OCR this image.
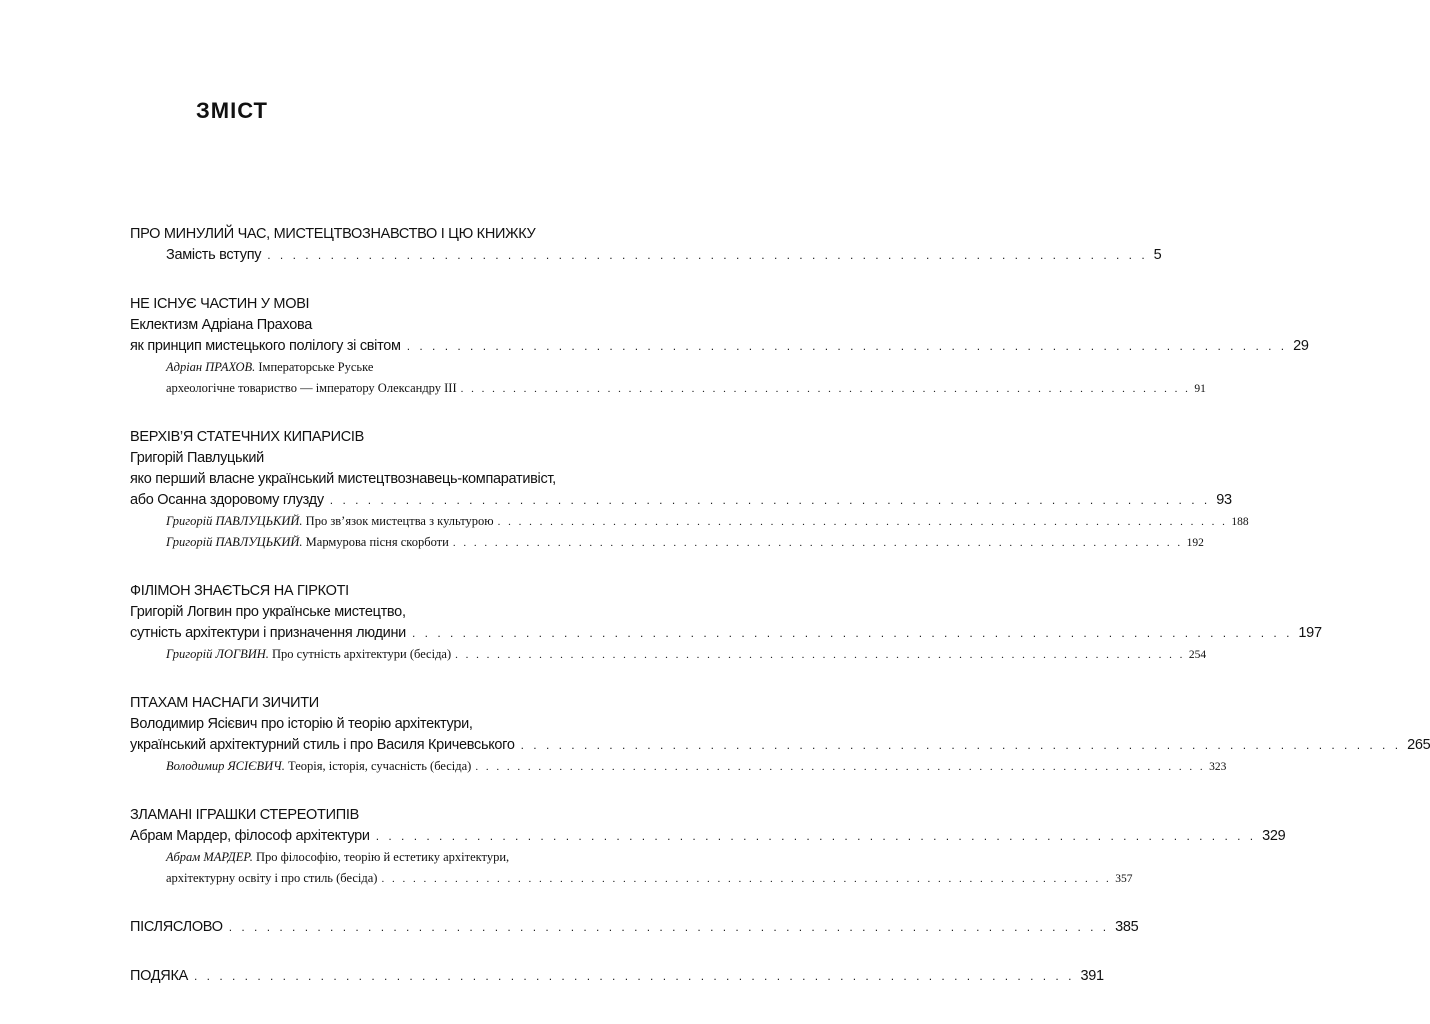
ЗМІСТ
ПРО МИНУЛИЙ ЧАС, МИСТЕЦТВОЗНАВСТВО І ЦЮ КНИЖКУ
Замість вступу . . . . . . . . . . . . . . . . . . . . . . . . . . . . . . . . . . . . . . . . . . . . . . . . . . . . . . . . . . . . . . . . . . . . . . 5
НЕ ІСНУЄ ЧАСТИН У МОВІ
Еклектизм Адріана Прахова
як принцип мистецького полілогу зі світом . . . . . . . . . . . . . . . . . . . . . . . . . . . . . . . . . . . . . . . . . . . . . . . . . . . . . . . . . . . . . . . . . . . . . . 29
Адріан ПРАХОВ. Імператорське Руське
археологічне товариство — імператору Олександру III . . . . . . . . . . . . . . . . . . . . . . . . . . . . . . . . . . . . . . . . . . . . . . . . . . . . . . . . . . . . . . . . . . . . . . 91
ВЕРХІВ’Я СТАТЕЧНИХ КИПАРИСІВ
Григорій Павлуцький
яко перший власне український мистецтвознавець-компаративіст,
або Осанна здоровому глузду . . . . . . . . . . . . . . . . . . . . . . . . . . . . . . . . . . . . . . . . . . . . . . . . . . . . . . . . . . . . . . . . . . . . . . 93
Григорій ПАВЛУЦЬКИЙ. Про зв’язок мистецтва з культурою . . . . . . . . . . . . . . . . . . . . . . . . . . . . . . . . . . . . . . . . . . . . . . . . . . . . . . . . . . . . . . . . . . . . . . 188
Григорій ПАВЛУЦЬКИЙ. Мармурова пісня скорботи . . . . . . . . . . . . . . . . . . . . . . . . . . . . . . . . . . . . . . . . . . . . . . . . . . . . . . . . . . . . . . . . . . . . . . 192
ФІЛІМОН ЗНАЄТЬСЯ НА ГІРКОТІ
Григорій Логвин про українське мистецтво,
сутність архітектури і призначення людини . . . . . . . . . . . . . . . . . . . . . . . . . . . . . . . . . . . . . . . . . . . . . . . . . . . . . . . . . . . . . . . . . . . . . . 197
Григорій ЛОГВИН. Про сутність архітектури (бесіда) . . . . . . . . . . . . . . . . . . . . . . . . . . . . . . . . . . . . . . . . . . . . . . . . . . . . . . . . . . . . . . . . . . . . . . 254
ПТАХАМ НАСНАГИ ЗИЧИТИ
Володимир Ясієвич про історію й теорію архітектури,
український архітектурний стиль і про Василя Кричевського . . . . . . . . . . . . . . . . . . . . . . . . . . . . . . . . . . . . . . . . . . . . . . . . . . . . . . . . . . . . . . . . . . . . . . 265
Володимир ЯСІЄВИЧ. Теорія, історія, сучасність (бесіда) . . . . . . . . . . . . . . . . . . . . . . . . . . . . . . . . . . . . . . . . . . . . . . . . . . . . . . . . . . . . . . . . . . . . . . 323
ЗЛАМАНІ ІГРАШКИ СТЕРЕОТИПІВ
Абрам Мардер, філософ архітектури . . . . . . . . . . . . . . . . . . . . . . . . . . . . . . . . . . . . . . . . . . . . . . . . . . . . . . . . . . . . . . . . . . . . . . 329
Абрам МАРДЕР. Про філософію, теорію й естетику архітектури,
архітектурну освіту і про стиль (бесіда) . . . . . . . . . . . . . . . . . . . . . . . . . . . . . . . . . . . . . . . . . . . . . . . . . . . . . . . . . . . . . . . . . . . . . . 357
ПІСЛЯСЛОВО . . . . . . . . . . . . . . . . . . . . . . . . . . . . . . . . . . . . . . . . . . . . . . . . . . . . . . . . . . . . . . . . . . . . . . 385
ПОДЯКА . . . . . . . . . . . . . . . . . . . . . . . . . . . . . . . . . . . . . . . . . . . . . . . . . . . . . . . . . . . . . . . . . . . . . . 391
